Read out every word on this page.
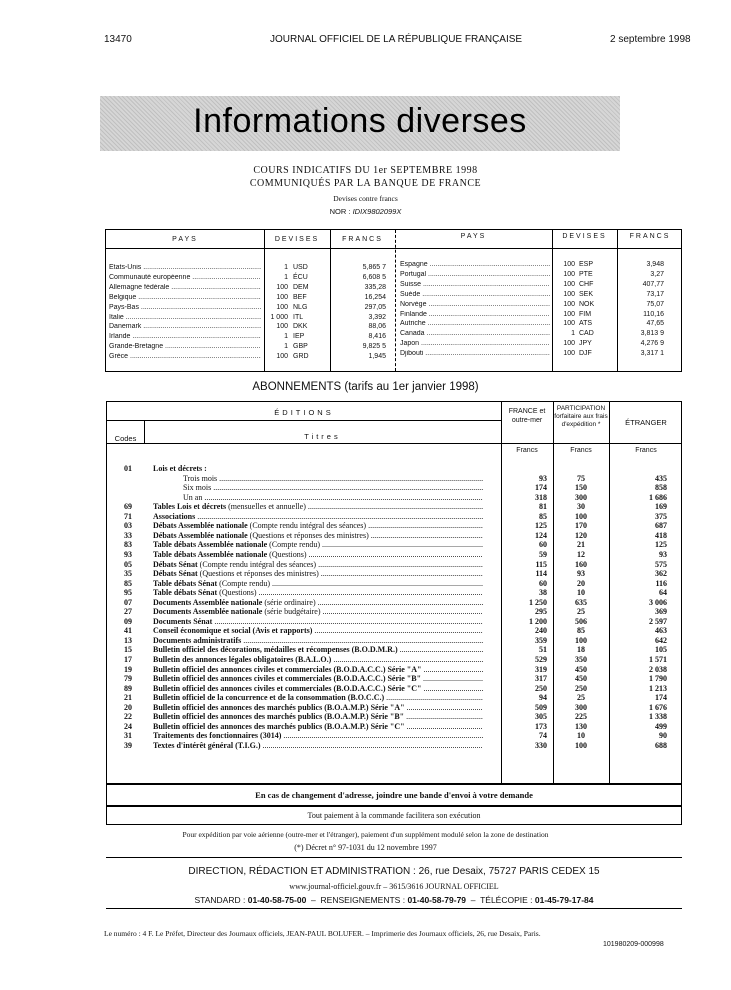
13470	JOURNAL OFFICIEL DE LA RÉPUBLIQUE FRANÇAISE	2 septembre 1998
Informations diverses
COURS INDICATIFS DU 1er SEPTEMBRE 1998
COMMUNIQUÉS PAR LA BANQUE DE FRANCE
Devises contre francs
NOR : IDIX9802099X
PAYS	DEVISES	FRANCS	PAYS	DEVISES	FRANCS
Etats-Unis .....	1 USD	5,865 7
Communauté européenne .....	1 ÉCU	6,608 5
Allemagne fédérale .....	100 DEM	335,28
Belgique .....	100 BEF	16,254
Pays-Bas .....	100 NLG	297,05
Italie .....	1 000 ITL	3,392
Danemark .....	100 DKK	88,06
Irlande .....	1 IEP	8,416
Grande-Bretagne .....	1 GBP	9,825 5
Grèce .....	100 GRD	1,945
Espagne .....	100 ESP	3,948
Portugal .....	100 PTE	3,27
Suisse .....	100 CHF	407,77
Suède .....	100 SEK	73,17
Norvège .....	100 NOK	75,07
Finlande .....	100 FIM	110,16
Autriche .....	100 ATS	47,65
Canada .....	1 CAD	3,813 9
Japon .....	100 JPY	4,276 9
Djibouti .....	100 DJF	3,317 1
ABONNEMENTS (tarifs au 1er janvier 1998)
ÉDITIONS
Codes	Titres
FRANCE et outre-mer
PARTICIPATION forfaitaire aux frais d'expédition *	ÉTRANGER
Francs	Francs	Francs
01	Lois et décrets :
Trois mois .....	93	75	435
Six mois .....	174	150	858
Un an .....	318	300	1 686
69	Tables Lois et décrets (mensuelles et annuelle) .....	81	30	169
71	Associations .....	85	100	375
03	Débats Assemblée nationale (Compte rendu intégral des séances) .....	125	170	687
33	Débats Assemblée nationale (Questions et réponses des ministres) .....	124	120	418
83	Table débats Assemblée nationale (Compte rendu) .....	60	21	125
93	Table débats Assemblée nationale (Questions) .....	59	12	93
05	Débats Sénat (Compte rendu intégral des séances) .....	115	160	575
35	Débats Sénat (Questions et réponses des ministres) .....	114	93	362
85	Table débats Sénat (Compte rendu) .....	60	20	116
95	Table débats Sénat (Questions) .....	38	10	64
07	Documents Assemblée nationale (série ordinaire) .....	1 250	635	3 006
27	Documents Assemblée nationale (série budgétaire) .....	295	25	369
09	Documents Sénat .....	1 200	506	2 597
41	Conseil économique et social (Avis et rapports) .....	240	85	463
13	Documents administratifs .....	359	100	642
15	Bulletin officiel des décorations, médailles et récompenses (B.O.D.M.R.) .....	51	18	105
17	Bulletin des annonces légales obligatoires (B.A.L.O.) .....	529	350	1 571
19	Bulletin officiel des annonces civiles et commerciales (B.O.D.A.C.C.) Série "A" .....	319	450	2 038
79	Bulletin officiel des annonces civiles et commerciales (B.O.D.A.C.C.) Série "B" .....	317	450	1 790
89	Bulletin officiel des annonces civiles et commerciales (B.O.D.A.C.C.) Série "C" .....	250	250	1 213
21	Bulletin officiel de la concurrence et de la consommation (B.O.C.C.) .....	94	25	174
20	Bulletin officiel des annonces des marchés publics (B.O.A.M.P.) Série "A" .....	509	300	1 676
22	Bulletin officiel des annonces des marchés publics (B.O.A.M.P.) Série "B" .....	305	225	1 338
24	Bulletin officiel des annonces des marchés publics (B.O.A.M.P.) Série "C" .....	173	130	499
31	Traitements des fonctionnaires (3014) .....	74	10	90
39	Textes d'intérêt général (T.I.G.) .....	330	100	688
En cas de changement d'adresse, joindre une bande d'envoi à votre demande
Tout paiement à la commande facilitera son exécution
Pour expédition par voie aérienne (outre-mer et l'étranger), paiement d'un supplément modulé selon la zone de destination
(*) Décret n° 97-1031 du 12 novembre 1997
DIRECTION, RÉDACTION ET ADMINISTRATION : 26, rue Desaix, 75727 PARIS CEDEX 15
www.journal-officiel.gouv.fr – 3615/3616 JOURNAL OFFICIEL
STANDARD : 01-40-58-75-00  –  RENSEIGNEMENTS : 01-40-58-79-79  –  TÉLÉCOPIE : 01-45-79-17-84
Le numéro : 4 F. Le Préfet, Directeur des Journaux officiels, JEAN-PAUL BOLUFER. – Imprimerie des Journaux officiels, 26, rue Desaix, Paris.
101980209-000998
